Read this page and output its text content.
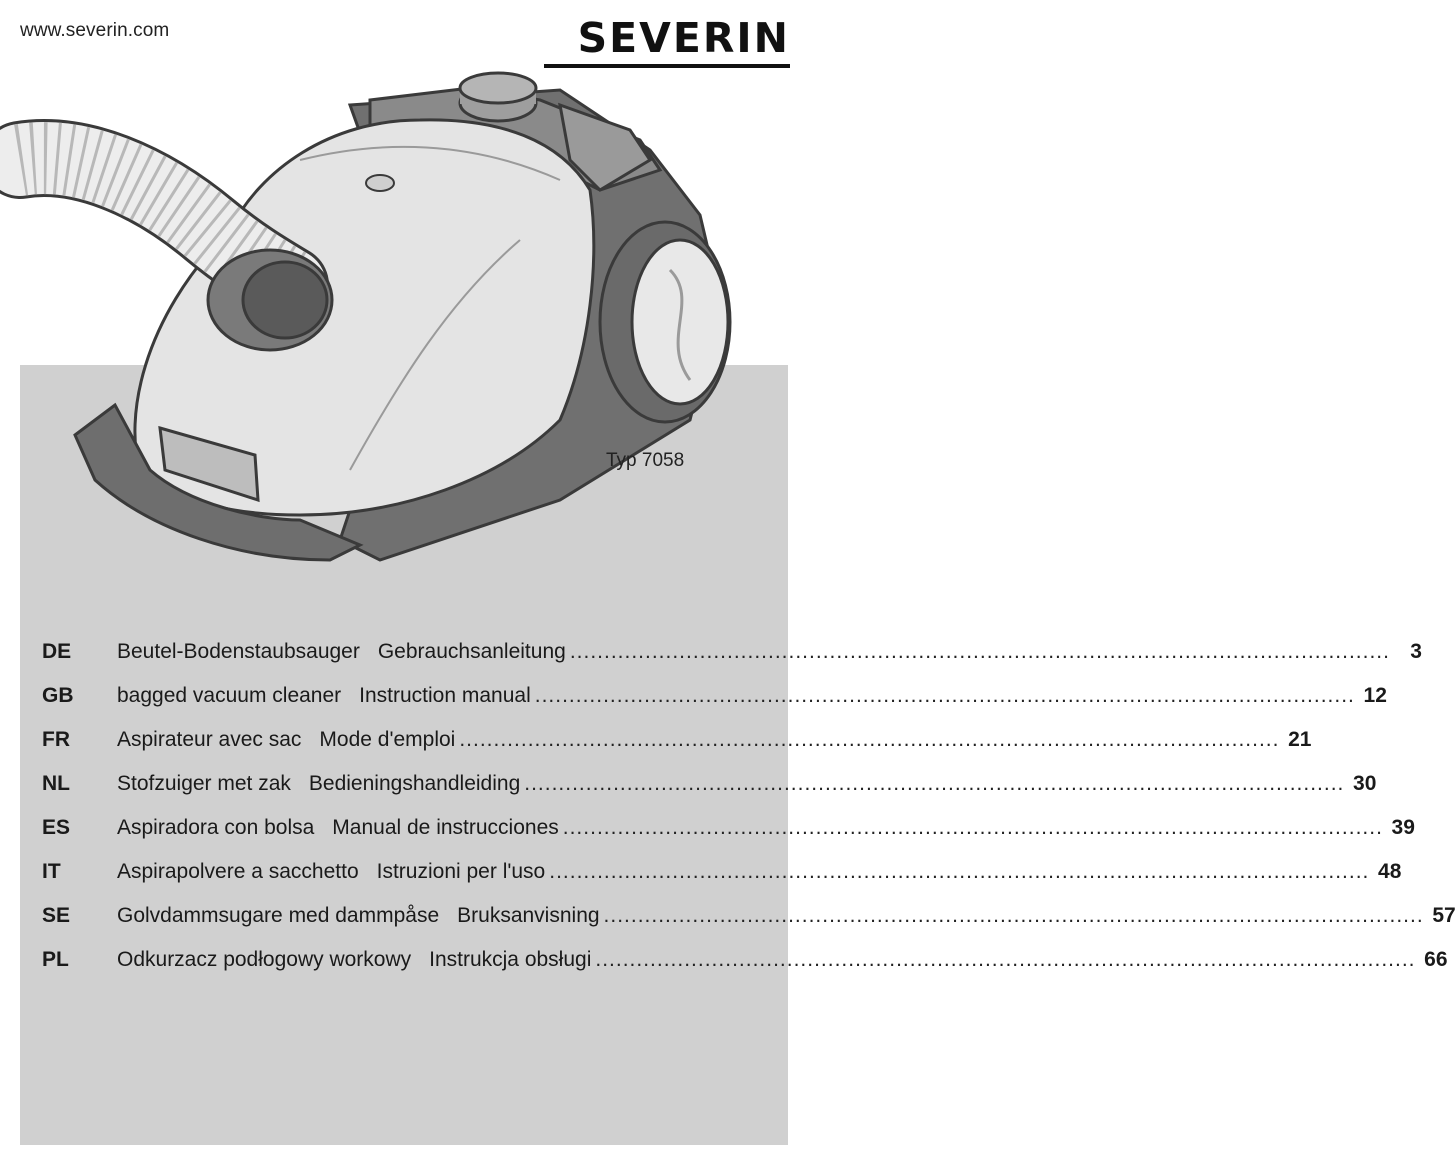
www.severin.com	SEVERIN
Typ 7058
DE	Beutel-Bodenstaubsauger Gebrauchsanleitung ........................................................................................................................ 3
GB	bagged vacuum cleaner Instruction manual ........................................................................................................................ 12
FR	Aspirateur avec sac Mode d'emploi ........................................................................................................................ 21
NL	Stofzuiger met zak Bedieningshandleiding ........................................................................................................................ 30
ES	Aspiradora con bolsa Manual de instrucciones ........................................................................................................................ 39
IT	Aspirapolvere a sacchetto Istruzioni per l'uso ........................................................................................................................ 48
SE	Golvdammsugare med dammpåse Bruksanvisning ........................................................................................................................ 57
PL	Odkurzacz podłogowy workowy Instrukcja obsługi ........................................................................................................................ 66
